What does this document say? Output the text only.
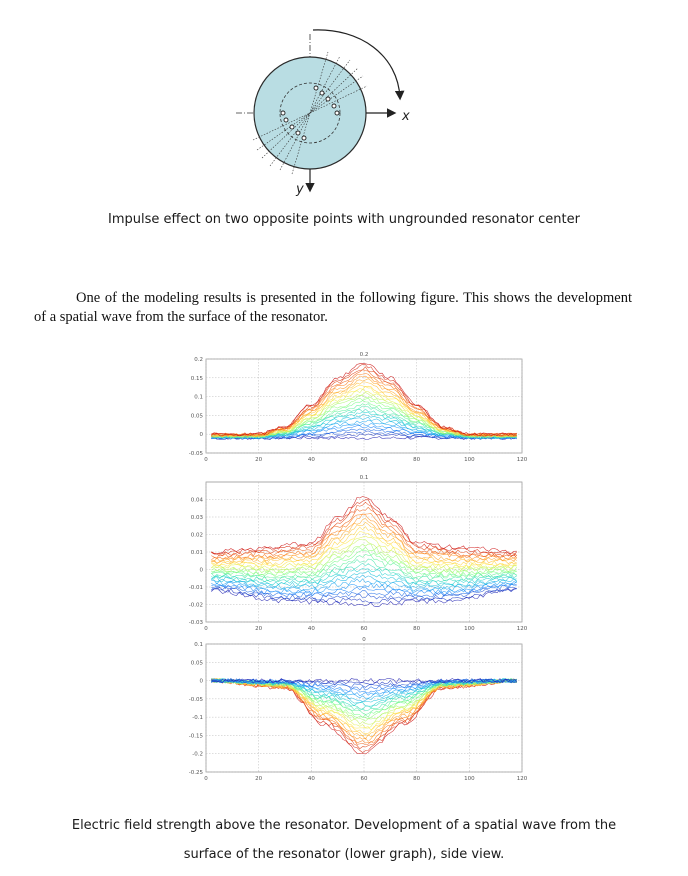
x
y
Impulse effect on two opposite points with ungrounded resonator center
One of the modeling results is presented in the following figure. This shows the development of a spatial wave from the surface of the resonator.
-0.05
0
0.05
0.1
0.15
0.2
0	20	40	60	80	100	120
0.2
-0.03
-0.02
-0.01
0
0.01
0.02
0.03
0.04
0	20	40	60	80	100	120
0.1
-0.25
-0.2
-0.15
-0.1
-0.05
0
0.05
0.1
0	20	40	60	80	100	120
0
Electric field strength above the resonator. Development of a spatial wave from the
surface of the resonator (lower graph), side view.
